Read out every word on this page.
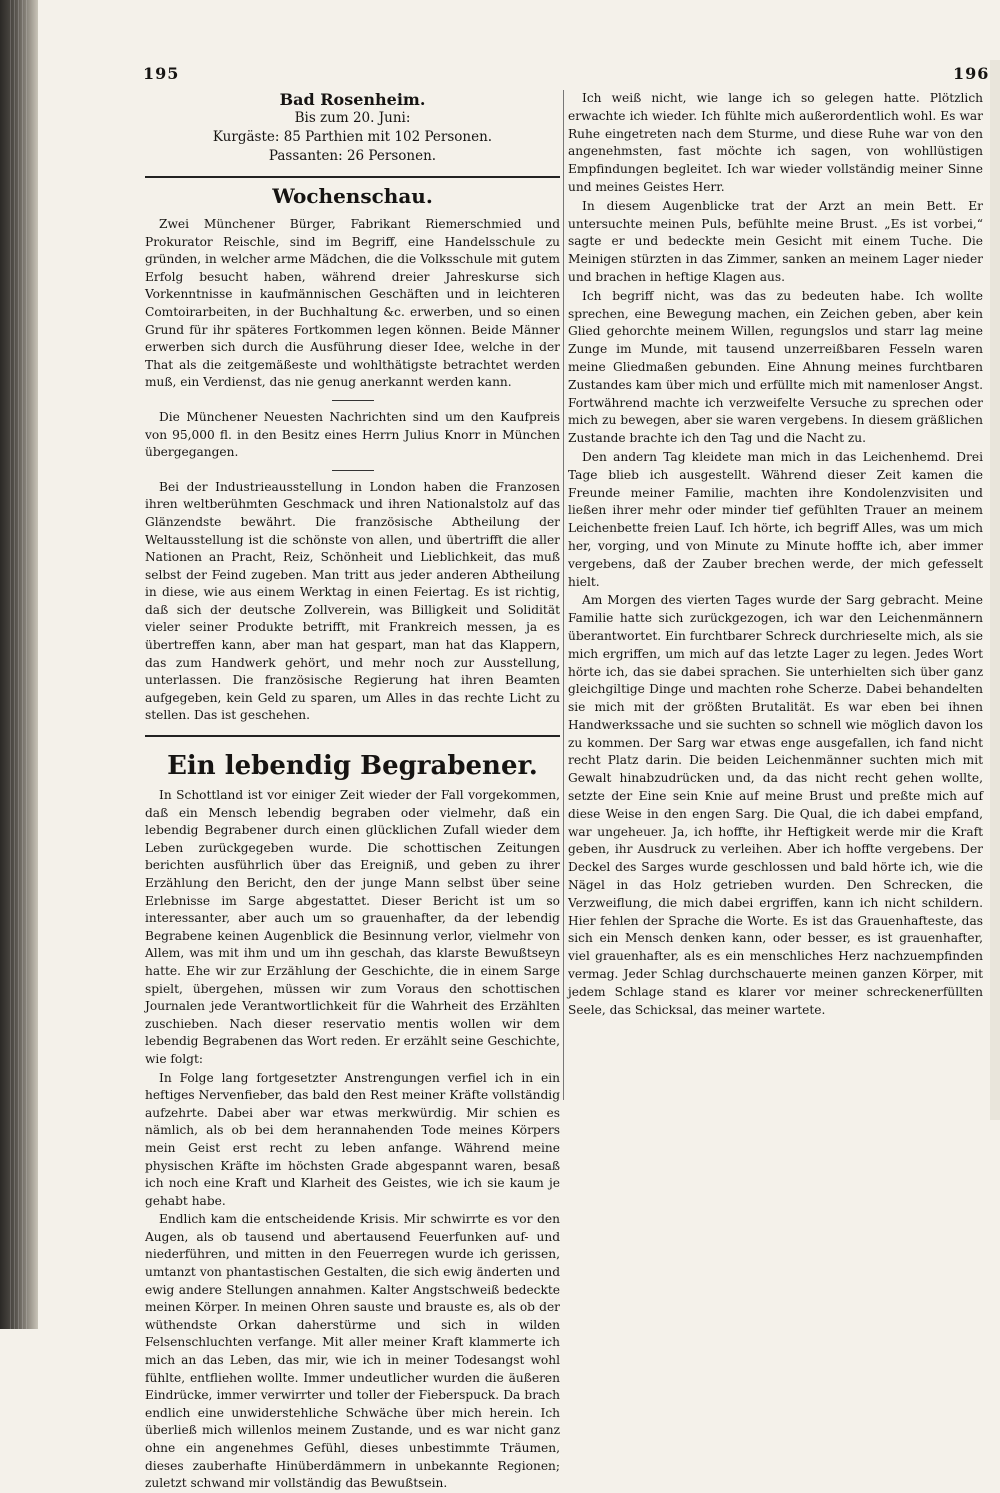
195	196
Bad Rosenheim.
Bis zum 20. Juni:
Kurgäste: 85 Parthien mit 102 Personen.
Passanten: 26 Personen.
Wochenschau.

Zwei Münchener Bürger, Fabrikant Riemerschmied und Prokurator Reischle, sind im Begriff, eine Handelsschule zu gründen, in welcher arme Mädchen, die die Volksschule mit gutem Erfolg besucht haben, während dreier Jahreskurse sich Vorkenntnisse in kaufmännischen Geschäften und in leichteren Comtoirarbeiten, in der Buchhaltung &c. erwerben, und so einen Grund für ihr späteres Fortkommen legen können. Beide Männer erwerben sich durch die Ausführung dieser Idee, welche in der That als die zeitgemäßeste und wohlthätigste betrachtet werden muß, ein Verdienst, das nie genug anerkannt werden kann.

Die Münchener Neuesten Nachrichten sind um den Kaufpreis von 95,000 fl. in den Besitz eines Herrn Julius Knorr in München übergegangen.

Bei der Industrieausstellung in London haben die Franzosen ihren weltberühmten Geschmack und ihren Nationalstolz auf das Glänzendste bewährt. Die französische Abtheilung der Weltausstellung ist die schönste von allen, und übertrifft die aller Nationen an Pracht, Reiz, Schönheit und Lieblichkeit, das muß selbst der Feind zugeben. Man tritt aus jeder anderen Abtheilung in diese, wie aus einem Werktag in einen Feiertag. Es ist richtig, daß sich der deutsche Zollverein, was Billigkeit und Solidität vieler seiner Produkte betrifft, mit Frankreich messen, ja es übertreffen kann, aber man hat gespart, man hat das Klappern, das zum Handwerk gehört, und mehr noch zur Ausstellung, unterlassen. Die französische Regierung hat ihren Beamten aufgegeben, kein Geld zu sparen, um Alles in das rechte Licht zu stellen. Das ist geschehen.

Ein lebendig Begrabener.

In Schottland ist vor einiger Zeit wieder der Fall vorgekommen, daß ein Mensch lebendig begraben oder vielmehr, daß ein lebendig Begrabener durch einen glücklichen Zufall wieder dem Leben zurückgegeben wurde. Die schottischen Zeitungen berichten ausführlich über das Ereigniß, und geben zu ihrer Erzählung den Bericht, den der junge Mann selbst über seine Erlebnisse im Sarge abgestattet. Dieser Bericht ist um so interessanter, aber auch um so grauenhafter, da der lebendig Begrabene keinen Augenblick die Besinnung verlor, vielmehr von Allem, was mit ihm und um ihn geschah, das klarste Bewußtseyn hatte. Ehe wir zur Erzählung der Geschichte, die in einem Sarge spielt, übergehen, müssen wir zum Voraus den schottischen Journalen jede Verantwortlichkeit für die Wahrheit des Erzählten zuschieben. Nach dieser reservatio mentis wollen wir dem lebendig Begrabenen das Wort reden. Er erzählt seine Geschichte, wie folgt:

In Folge lang fortgesetzter Anstrengungen verfiel ich in ein heftiges Nervenfieber, das bald den Rest meiner Kräfte vollständig aufzehrte. Dabei aber war etwas merkwürdig. Mir schien es nämlich, als ob bei dem herannahenden Tode meines Körpers mein Geist erst recht zu leben anfange. Während meine physischen Kräfte im höchsten Grade abgespannt waren, besaß ich noch eine Kraft und Klarheit des Geistes, wie ich sie kaum je gehabt habe.

Endlich kam die entscheidende Krisis. Mir schwirrte es vor den Augen, als ob tausend und abertausend Feuerfunken auf- und niederführen, und mitten in den Feuerregen wurde ich gerissen, umtanzt von phantastischen Gestalten, die sich ewig änderten und ewig andere Stellungen annahmen. Kalter Angstschweiß bedeckte meinen Körper. In meinen Ohren sauste und brauste es, als ob der wüthendste Orkan daherstürme und sich in wilden Felsenschluchten verfange. Mit aller meiner Kraft klammerte ich mich an das Leben, das mir, wie ich in meiner Todesangst wohl fühlte, entfliehen wollte. Immer undeutlicher wurden die äußeren Eindrücke, immer verwirrter und toller der Fieberspuck. Da brach endlich eine unwiderstehliche Schwäche über mich herein. Ich überließ mich willenlos meinem Zustande, und es war nicht ganz ohne ein angenehmes Gefühl, dieses unbestimmte Träumen, dieses zauberhafte Hinüberdämmern in unbekannte Regionen; zuletzt schwand mir vollständig das Bewußtsein.

Ich weiß nicht, wie lange ich so gelegen hatte. Plötzlich erwachte ich wieder. Ich fühlte mich außerordentlich wohl. Es war Ruhe eingetreten nach dem Sturme, und diese Ruhe war von den angenehmsten, fast möchte ich sagen, von wohllüstigen Empfindungen begleitet. Ich war wieder vollständig meiner Sinne und meines Geistes Herr.

In diesem Augenblicke trat der Arzt an mein Bett. Er untersuchte meinen Puls, befühlte meine Brust. „Es ist vorbei,“ sagte er und bedeckte mein Gesicht mit einem Tuche. Die Meinigen stürzten in das Zimmer, sanken an meinem Lager nieder und brachen in heftige Klagen aus.

Ich begriff nicht, was das zu bedeuten habe. Ich wollte sprechen, eine Bewegung machen, ein Zeichen geben, aber kein Glied gehorchte meinem Willen, regungslos und starr lag meine Zunge im Munde, mit tausend unzerreißbaren Fesseln waren meine Gliedmaßen gebunden. Eine Ahnung meines furchtbaren Zustandes kam über mich und erfüllte mich mit namenloser Angst. Fortwährend machte ich verzweifelte Versuche zu sprechen oder mich zu bewegen, aber sie waren vergebens. In diesem gräßlichen Zustande brachte ich den Tag und die Nacht zu.

Den andern Tag kleidete man mich in das Leichenhemd. Drei Tage blieb ich ausgestellt. Während dieser Zeit kamen die Freunde meiner Familie, machten ihre Kondolenzvisiten und ließen ihrer mehr oder minder tief gefühlten Trauer an meinem Leichenbette freien Lauf. Ich hörte, ich begriff Alles, was um mich her, vorging, und von Minute zu Minute hoffte ich, aber immer vergebens, daß der Zauber brechen werde, der mich gefesselt hielt.

Am Morgen des vierten Tages wurde der Sarg gebracht. Meine Familie hatte sich zurückgezogen, ich war den Leichenmännern überantwortet. Ein furchtbarer Schreck durchrieselte mich, als sie mich ergriffen, um mich auf das letzte Lager zu legen. Jedes Wort hörte ich, das sie dabei sprachen. Sie unterhielten sich über ganz gleichgiltige Dinge und machten rohe Scherze. Dabei behandelten sie mich mit der größten Brutalität. Es war eben bei ihnen Handwerkssache und sie suchten so schnell wie möglich davon los zu kommen. Der Sarg war etwas enge ausgefallen, ich fand nicht recht Platz darin. Die beiden Leichenmänner suchten mich mit Gewalt hinabzudrücken und, da das nicht recht gehen wollte, setzte der Eine sein Knie auf meine Brust und preßte mich auf diese Weise in den engen Sarg. Die Qual, die ich dabei empfand, war ungeheuer. Ja, ich hoffte, ihr Heftigkeit werde mir die Kraft geben, ihr Ausdruck zu verleihen. Aber ich hoffte vergebens. Der Deckel des Sarges wurde geschlossen und bald hörte ich, wie die Nägel in das Holz getrieben wurden. Den Schrecken, die Verzweiflung, die mich dabei ergriffen, kann ich nicht schildern. Hier fehlen der Sprache die Worte. Es ist das Grauenhafteste, das sich ein Mensch denken kann, oder besser, es ist grauenhafter, viel grauenhafter, als es ein menschliches Herz nachzuempfinden vermag. Jeder Schlag durchschauerte meinen ganzen Körper, mit jedem Schlage stand es klarer vor meiner schreckenerfüllten Seele, das Schicksal, das meiner wartete.
